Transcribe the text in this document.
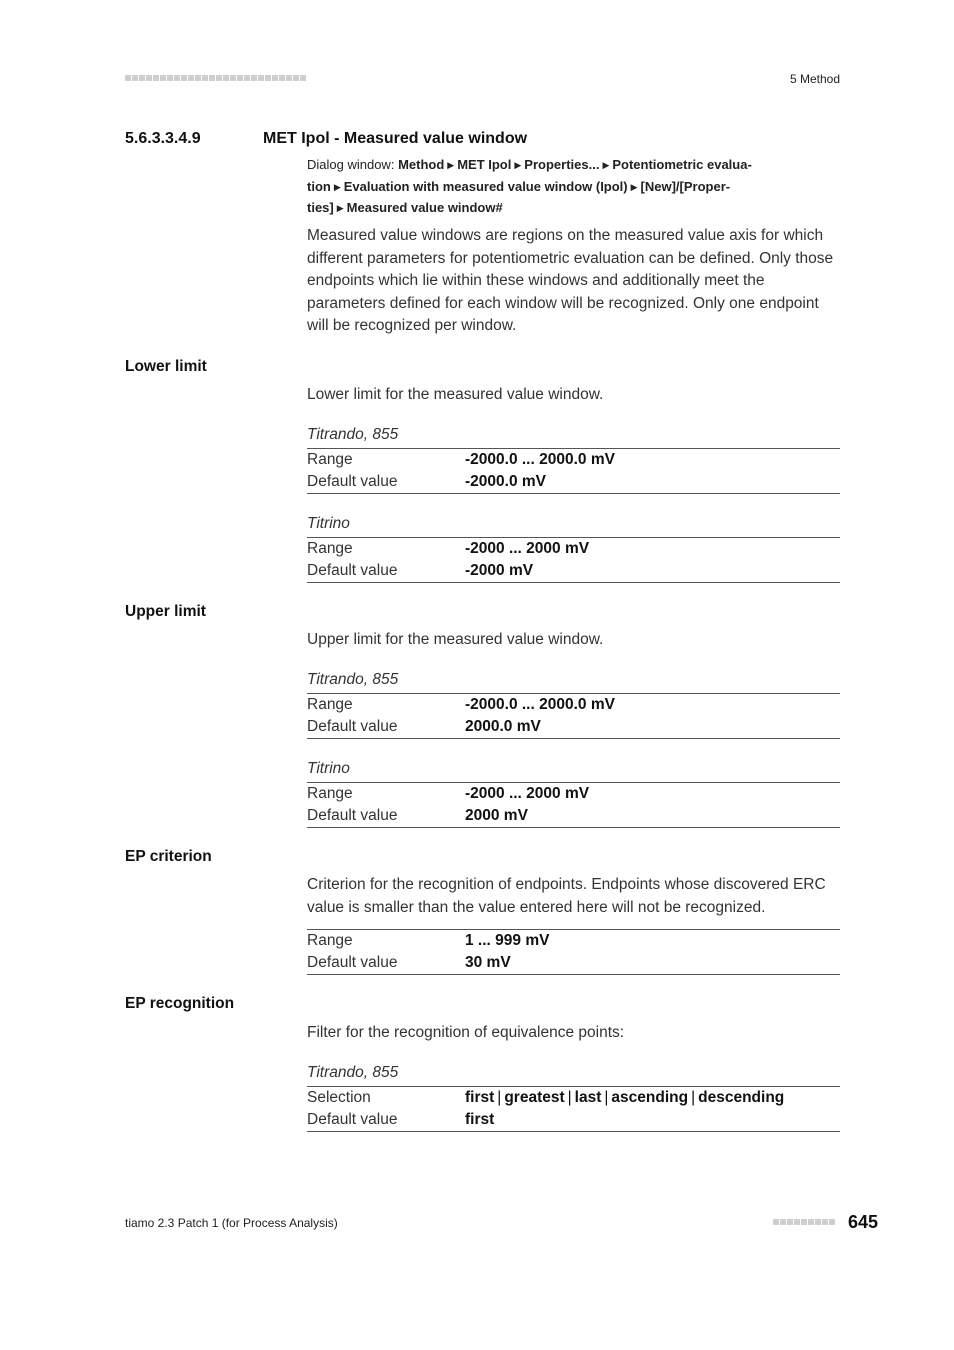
5 Method
5.6.3.3.4.9	MET Ipol - Measured value window
Dialog window: Method ▶ MET Ipol ▶ Properties... ▶ Potentiometric evalua-tion ▶ Evaluation with measured value window (Ipol) ▶ [New]/[Proper-ties] ▶ Measured value window#
Measured value windows are regions on the measured value axis for which different parameters for potentiometric evaluation can be defined. Only those endpoints which lie within these windows and additionally meet the parameters defined for each window will be recognized. Only one endpoint will be recognized per window.
Lower limit
Lower limit for the measured value window.
Titrando, 855
Range	-2000.0 ... 2000.0 mV
Default value	-2000.0 mV
Titrino
Range	-2000 ... 2000 mV
Default value	-2000 mV
Upper limit
Upper limit for the measured value window.
Titrando, 855
Range	-2000.0 ... 2000.0 mV
Default value	2000.0 mV
Titrino
Range	-2000 ... 2000 mV
Default value	2000 mV
EP criterion
Criterion for the recognition of endpoints. Endpoints whose discovered ERC value is smaller than the value entered here will not be recognized.
Range	1 ... 999 mV
Default value	30 mV
EP recognition
Filter for the recognition of equivalence points:
Titrando, 855
Selection	first | greatest | last | ascending | descending
Default value	first
tiamo 2.3 Patch 1 (for Process Analysis)	645
